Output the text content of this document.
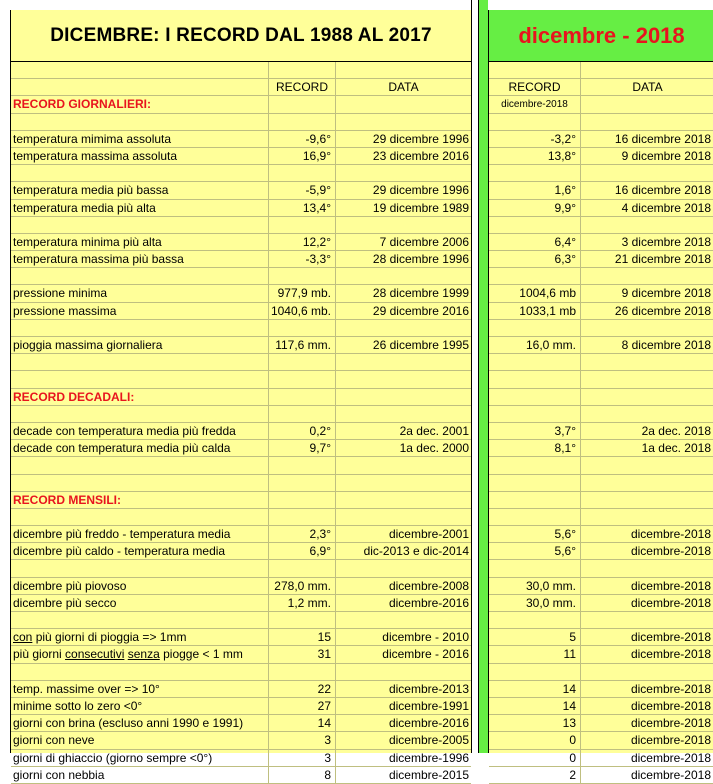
DICEMBRE: I RECORD DAL 1988 AL 2017
RECORD	DATA
RECORD GIORNALIERI:
temperatura mimima assoluta	-9,6°	29 dicembre 1996
temperatura massima assoluta	16,9°	23 dicembre 2016
temperatura media più bassa	-5,9°	29 dicembre 1996
temperatura media più alta	13,4°	19 dicembre 1989
temperatura minima più alta	12,2°	7 dicembre 2006
temperatura massima più bassa	-3,3°	28 dicembre 1996
pressione minima	977,9 mb.	28 dicembre 1999
pressione massima	1040,6 mb.	29 dicembre 2016
pioggia massima giornaliera	117,6 mm.	26 dicembre 1995
RECORD DECADALI:
decade con temperatura media più fredda	0,2°	2a dec. 2001
decade con temperatura media più calda	9,7°	1a dec. 2000
RECORD MENSILI:
dicembre più freddo - temperatura media	2,3°	dicembre-2001
dicembre più caldo - temperatura media	6,9°	dic-2013 e dic-2014
dicembre più piovoso	278,0 mm.	dicembre-2008
dicembre più secco	1,2 mm.	dicembre-2016
con più giorni di pioggia => 1mm	15	dicembre - 2010
più giorni consecutivi senza piogge < 1 mm	31	dicembre - 2016
temp. massime over => 10°	22	dicembre-2013
minime sotto lo zero <0°	27	dicembre-1991
giorni con brina (escluso anni 1990 e 1991)	14	dicembre-2016
giorni con neve	3	dicembre-2005
giorni di ghiaccio (giorno sempre <0°)	3	dicembre-1996
giorni con nebbia	8	dicembre-2015
dicembre - 2018
RECORD	DATA
dicembre-2018
-3,2°	16 dicembre 2018
13,8°	9 dicembre 2018
1,6°	16 dicembre 2018
9,9°	4 dicembre 2018
6,4°	3 dicembre 2018
6,3°	21 dicembre 2018
1004,6 mb	9 dicembre 2018
1033,1 mb	26 dicembre 2018
16,0 mm.	8 dicembre 2018
3,7°	2a dec. 2018
8,1°	1a dec. 2018
5,6°	dicembre-2018
5,6°	dicembre-2018
30,0 mm.	dicembre-2018
30,0 mm.	dicembre-2018
5	dicembre-2018
11	dicembre-2018
14	dicembre-2018
14	dicembre-2018
13	dicembre-2018
0	dicembre-2018
0	dicembre-2018
2	dicembre-2018
